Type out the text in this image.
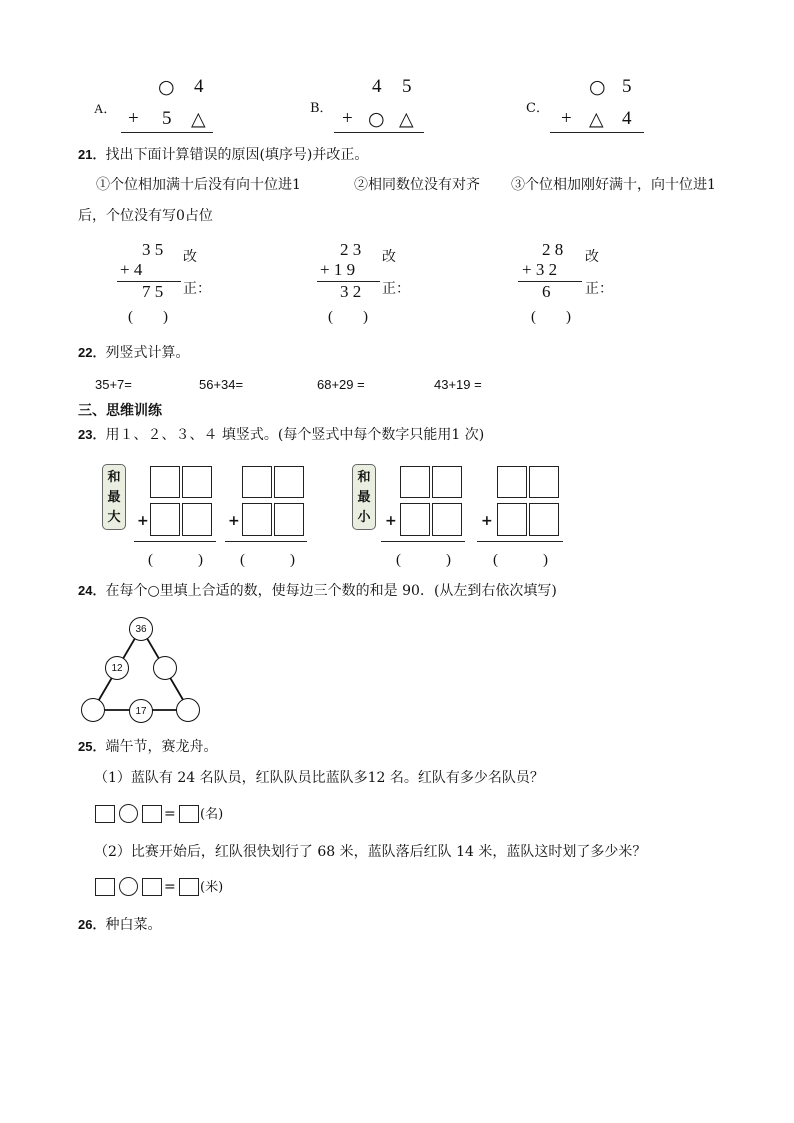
A．
○ 4
+ 5 △	B．
4 5
+ ○ △	C．
○ 5
+ △ 4
21．找出下面计算错误的原因(填序号)并改正。
①个位相加满十后没有向十位进1	②相同数位没有对齐 ③个位相加刚好满十，向十位进1
后，个位没有写0占位
3 5
+ 4
7 5
改
正：
(　　)
2 3
+ 1 9
3 2
改
正：
(　　)
2 8
+ 3 2
6
改
正：
(　　)
22．列竖式计算。
35+7=	56+34=	68+29 =	43+19 =
三、思维训练
23．用１、２、３、４ 填竖式。(每个竖式中每个数字只能用1 次)
和
最
大	+
(　　　)
+
(　　　)
和
最
小	+
(　　　)
+
(　　　)
24．在每个○里填上合适的数，使每边三个数的和是 90．(从左到右依次填写)
36
12
17
25．端午节，赛龙舟。
（1）蓝队有 24 名队员，红队队员比蓝队多12 名。红队有多少名队员？
= (名)
（2）比赛开始后，红队很快划行了 68 米，蓝队落后红队 14 米，蓝队这时划了多少米？
= (米)
26．种白菜。
